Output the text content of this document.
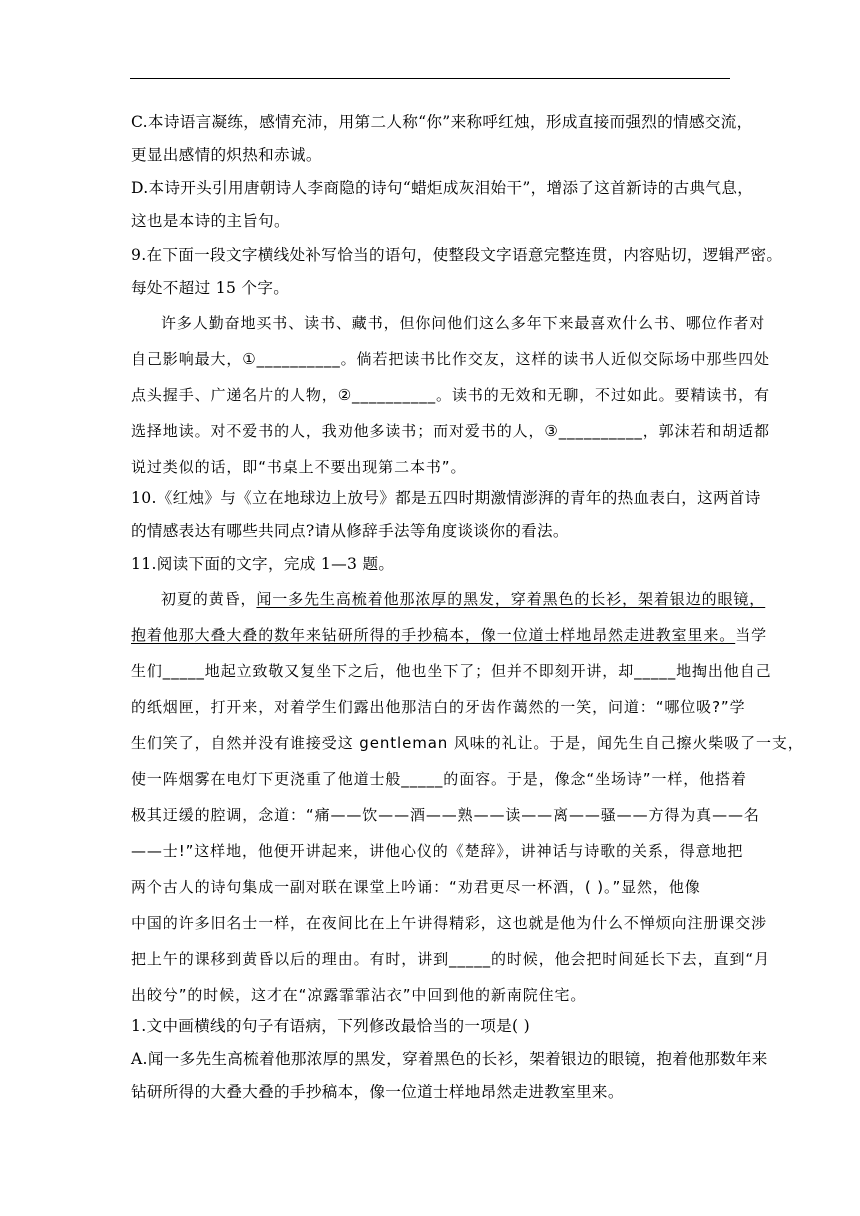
C.本诗语言凝练，感情充沛，用第二人称“你”来称呼红烛，形成直接而强烈的情感交流，
更显出感情的炽热和赤诚。
D.本诗开头引用唐朝诗人李商隐的诗句“蜡炬成灰泪始干”，增添了这首新诗的古典气息，
这也是本诗的主旨句。
9.在下面一段文字横线处补写恰当的语句，使整段文字语意完整连贯，内容贴切，逻辑严密。
每处不超过 15 个字。
许多人勤奋地买书、读书、藏书，但你问他们这么多年下来最喜欢什么书、哪位作者对
自己影响最大，①__________。倘若把读书比作交友，这样的读书人近似交际场中那些四处
点头握手、广递名片的人物，②__________。读书的无效和无聊，不过如此。要精读书，有
选择地读。对不爱书的人，我劝他多读书；而对爱书的人，③__________，郭沫若和胡适都
说过类似的话，即“书桌上不要出现第二本书”。
10.《红烛》与《立在地球边上放号》都是五四时期激情澎湃的青年的热血表白，这两首诗
的情感表达有哪些共同点?请从修辞手法等角度谈谈你的看法。
11.阅读下面的文字，完成 1—3 题。
初夏的黄昏，闻一多先生高梳着他那浓厚的黑发，穿着黑色的长衫，架着银边的眼镜，
抱着他那大叠大叠的数年来钻研所得的手抄稿本，像一位道士样地昂然走进教室里来。当学
生们_____地起立致敬又复坐下之后，他也坐下了；但并不即刻开讲，却_____地掏出他自己
的纸烟匣，打开来，对着学生们露出他那洁白的牙齿作蔼然的一笑，问道：“哪位吸?”学
生们笑了，自然并没有谁接受这 gentleman 风味的礼让。于是，闻先生自己擦火柴吸了一支，
使一阵烟雾在电灯下更浇重了他道士般_____的面容。于是，像念“坐场诗”一样，他搭着
极其迂缓的腔调，念道：“痛——饮——酒——熟——读——离——骚——方得为真——名
——士!”这样地，他便开讲起来，讲他心仪的《楚辞》，讲神话与诗歌的关系，得意地把
两个古人的诗句集成一副对联在课堂上吟诵：“劝君更尽一杯酒，( )。”显然，他像
中国的许多旧名士一样，在夜间比在上午讲得精彩，这也就是他为什么不惮烦向注册课交涉
把上午的课移到黄昏以后的理由。有时，讲到_____的时候，他会把时间延长下去，直到“月
出皎兮”的时候，这才在“凉露霏霏沾衣”中回到他的新南院住宅。
1.文中画横线的句子有语病，下列修改最恰当的一项是( )
A.闻一多先生高梳着他那浓厚的黑发，穿着黑色的长衫，架着银边的眼镜，抱着他那数年来
钻研所得的大叠大叠的手抄稿本，像一位道士样地昂然走进教室里来。
